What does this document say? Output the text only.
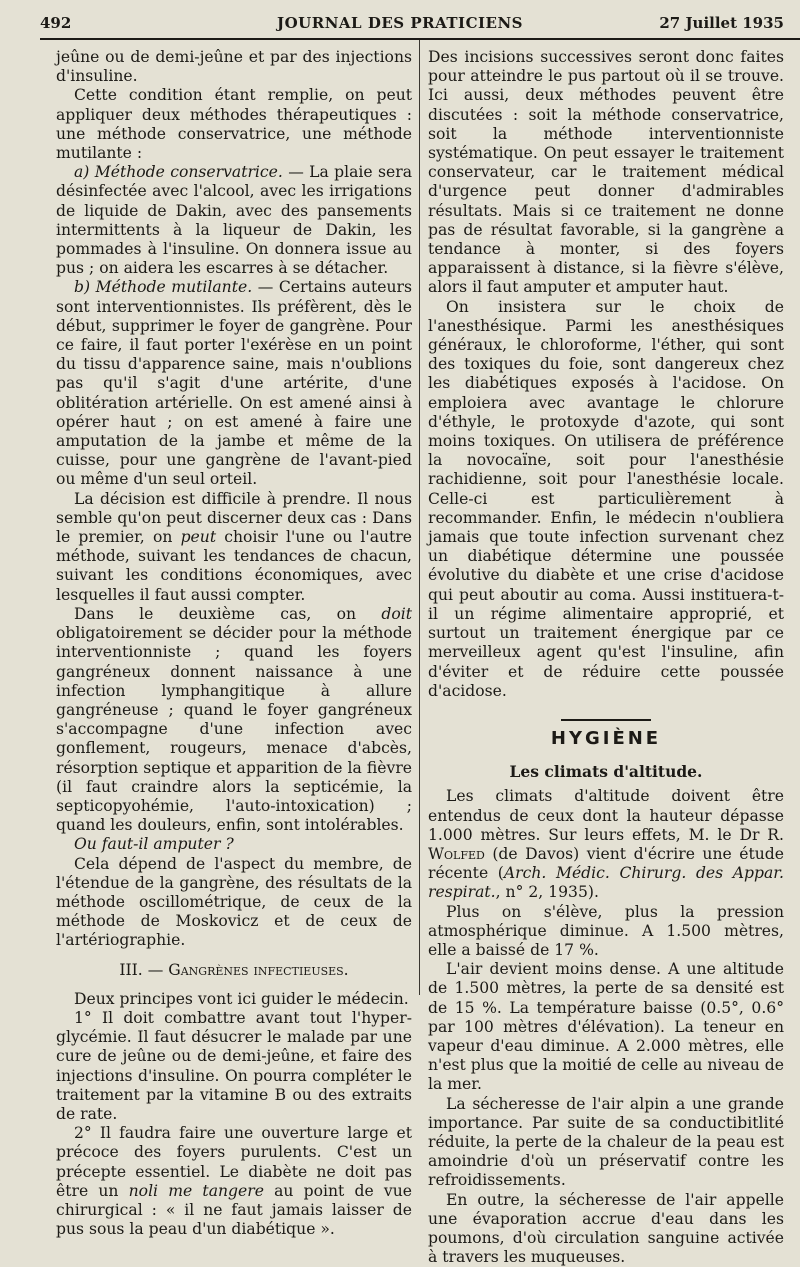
492	JOURNAL DES PRATICIENS	27 Juillet 1935

jeûne ou de demi-jeûne et par des injections d'insuline.

Cette condition étant remplie, on peut appliquer deux méthodes thérapeutiques : une méthode conservatrice, une méthode mutilante :

a) Méthode conservatrice. — La plaie sera désinfectée avec l'alcool, avec les irrigations de liquide de Dakin, avec des pansements intermittents à la liqueur de Dakin, les pommades à l'insuline. On donnera issue au pus ; on aidera les escarres à se détacher.

b) Méthode mutilante. — Certains auteurs sont interventionnistes. Ils préfèrent, dès le début, supprimer le foyer de gangrène. Pour ce faire, il faut porter l'exérèse en un point du tissu d'apparence saine, mais n'oublions pas qu'il s'agit d'une artérite, d'une oblitération artérielle. On est amené ainsi à opérer haut ; on est amené à faire une amputation de la jambe et même de la cuisse, pour une gangrène de l'avant-pied ou même d'un seul orteil.

La décision est difficile à prendre. Il nous semble qu'on peut discerner deux cas : Dans le premier, on peut choisir l'une ou l'autre méthode, suivant les tendances de chacun, suivant les conditions économiques, avec lesquelles il faut aussi compter.

Dans le deuxième cas, on doit obligatoirement se décider pour la méthode interventionniste ; quand les foyers gangréneux donnent naissance à une infection lymphangitique à allure gangréneuse ; quand le foyer gangréneux s'accompagne d'une infection avec gonflement, rougeurs, menace d'abcès, résorption septique et apparition de la fièvre (il faut craindre alors la septicémie, la septicopyohémie, l'auto-intoxication) ; quand les douleurs, enfin, sont intolérables.

Ou faut-il amputer ?

Cela dépend de l'aspect du membre, de l'étendue de la gangrène, des résultats de la méthode oscillométrique, de ceux de la méthode de Moskovicz et de ceux de l'artériographie.

III. — Gangrènes infectieuses.

Deux principes vont ici guider le médecin.

1° Il doit combattre avant tout l'hyper-glycémie. Il faut désucrer le malade par une cure de jeûne ou de demi-jeûne, et faire des injections d'insuline. On pourra compléter le traitement par la vitamine B ou des extraits de rate.

2° Il faudra faire une ouverture large et précoce des foyers purulents. C'est un précepte essentiel. Le diabète ne doit pas être un noli me tangere au point de vue chirurgical : « il ne faut jamais laisser de pus sous la peau d'un diabétique ».

Des incisions successives seront donc faites pour atteindre le pus partout où il se trouve. Ici aussi, deux méthodes peuvent être discutées : soit la méthode conservatrice, soit la méthode interventionniste systématique. On peut essayer le traitement conservateur, car le traitement médical d'urgence peut donner d'admirables résultats. Mais si ce traitement ne donne pas de résultat favorable, si la gangrène a tendance à monter, si des foyers apparaissent à distance, si la fièvre s'élève, alors il faut amputer et amputer haut.

On insistera sur le choix de l'anesthésique. Parmi les anesthésiques généraux, le chloroforme, l'éther, qui sont des toxiques du foie, sont dangereux chez les diabétiques exposés à l'acidose. On emploiera avec avantage le chlorure d'éthyle, le protoxyde d'azote, qui sont moins toxiques. On utilisera de préférence la novocaïne, soit pour l'anesthésie rachidienne, soit pour l'anesthésie locale. Celle-ci est particulièrement à recommander. Enfin, le médecin n'oubliera jamais que toute infection survenant chez un diabétique détermine une poussée évolutive du diabète et une crise d'acidose qui peut aboutir au coma. Aussi instituera-t-il un régime alimentaire approprié, et surtout un traitement énergique par ce merveilleux agent qu'est l'insuline, afin d'éviter et de réduire cette poussée d'acidose.

HYGIÈNE
Les climats d'altitude.

Les climats d'altitude doivent être entendus de ceux dont la hauteur dépasse 1.000 mètres. Sur leurs effets, M. le Dr R. Wolfed (de Davos) vient d'écrire une étude récente (Arch. Médic. Chirurg. des Appar. respirat., n° 2, 1935).

Plus on s'élève, plus la pression atmosphérique diminue. A 1.500 mètres, elle a baissé de 17 %.

L'air devient moins dense. A une altitude de 1.500 mètres, la perte de sa densité est de 15 %. La température baisse (0.5°, 0.6° par 100 mètres d'élévation). La teneur en vapeur d'eau diminue. A 2.000 mètres, elle n'est plus que la moitié de celle au niveau de la mer.

La sécheresse de l'air alpin a une grande importance. Par suite de sa conductibitlité réduite, la perte de la chaleur de la peau est amoindrie d'où un préservatif contre les refroidissements.

En outre, la sécheresse de l'air appelle une évaporation accrue d'eau dans les poumons, d'où circulation sanguine activée à travers les muqueuses.
